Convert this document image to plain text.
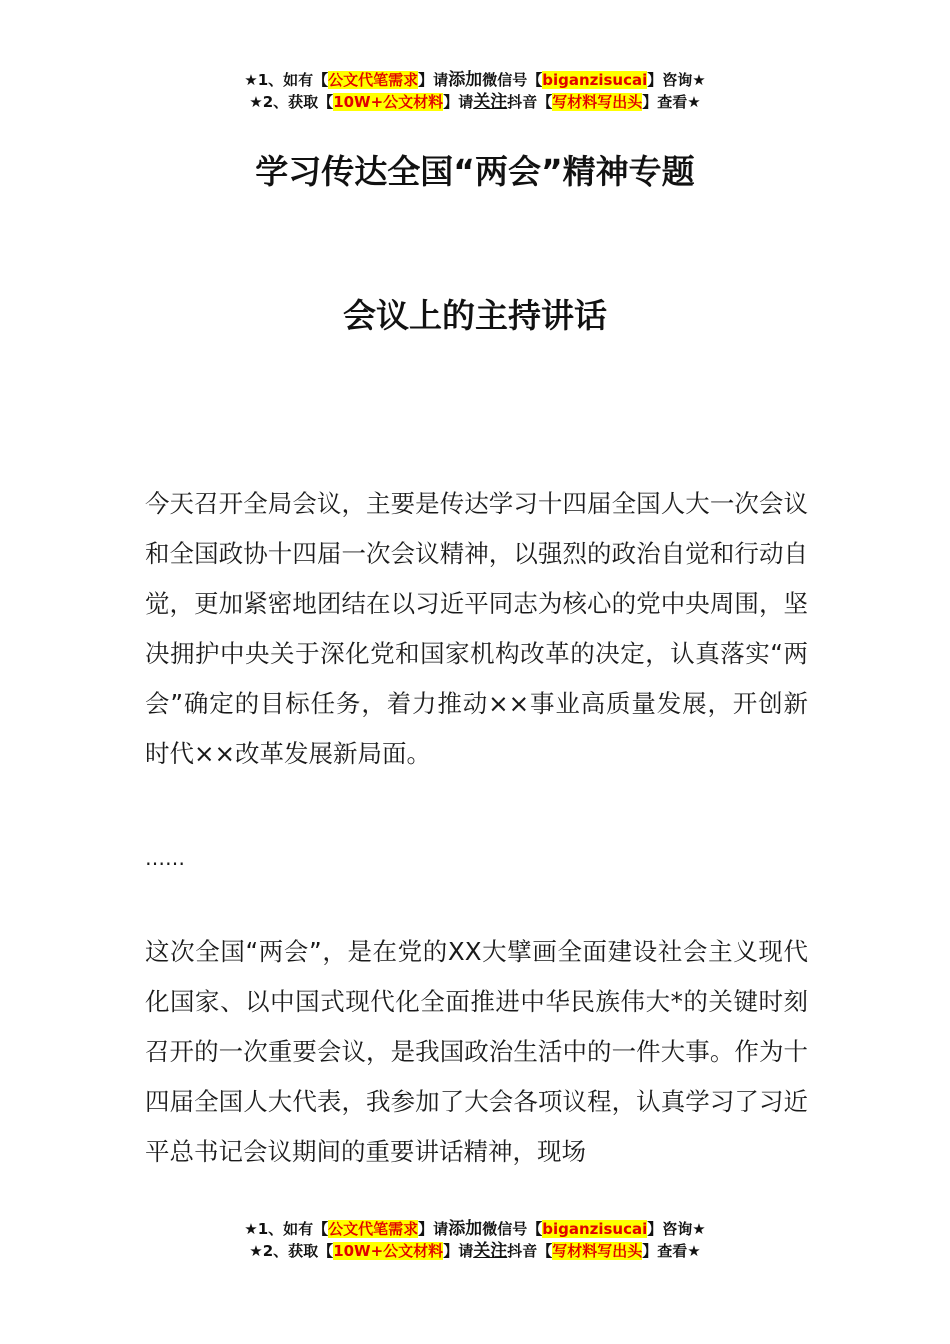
★1、如有【公文代笔需求】请添加微信号【biganzisucai】咨询★
★2、获取【10W+公文材料】请关注抖音【写材料写出头】查看★
学习传达全国“两会”精神专题
会议上的主持讲话

今天召开全局会议，主要是传达学习十四届全国人大一次会议和全国政协十四届一次会议精神，以强烈的政治自觉和行动自觉，更加紧密地团结在以习近平同志为核心的党中央周围，坚决拥护中央关于深化党和国家机构改革的决定，认真落实“两会”确定的目标任务，着力推动××事业高质量发展，开创新时代××改革发展新局面。

……

这次全国“两会”，是在党的XX大擘画全面建设社会主义现代化国家、以中国式现代化全面推进中华民族伟大*的关键时刻召开的一次重要会议，是我国政治生活中的一件大事。作为十四届全国人大代表，我参加了大会各项议程，认真学习了习近平总书记会议期间的重要讲话精神，现场

★1、如有【公文代笔需求】请添加微信号【biganzisucai】咨询★
★2、获取【10W+公文材料】请关注抖音【写材料写出头】查看★
